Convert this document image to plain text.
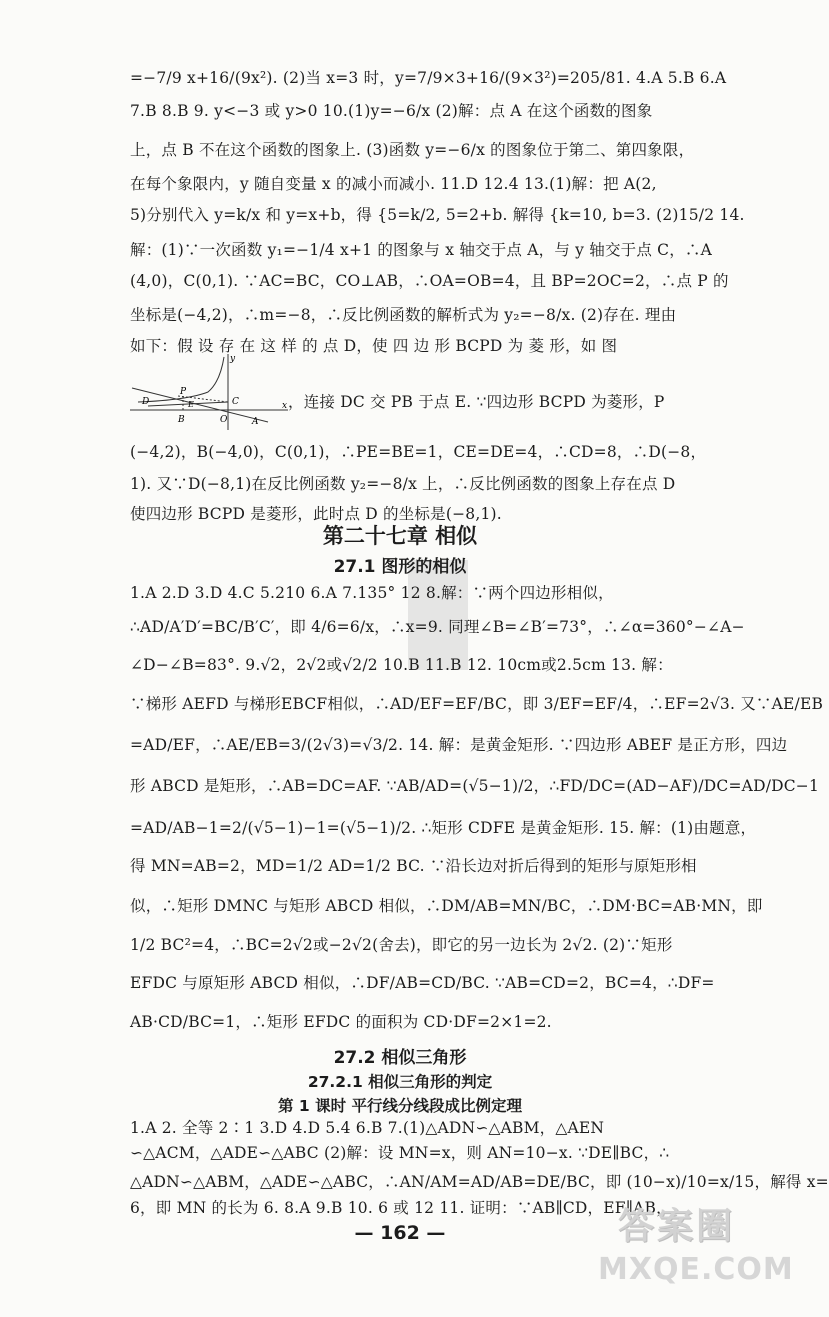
=−7/9 x+16/(9x²). (2)当 x=3 时，y=7/9×3+16/(9×3²)=205/81. 4.A 5.B 6.A
7.B 8.B 9. y<−3 或 y>0 10.(1)y=−6/x (2)解：点 A 在这个函数的图象
上，点 B 不在这个函数的图象上. (3)函数 y=−6/x 的图象位于第二、第四象限，
在每个象限内，y 随自变量 x 的减小而减小. 11.D 12.4 13.(1)解：把 A(2,
5)分别代入 y=k/x 和 y=x+b，得 {5=k/2, 5=2+b. 解得 {k=10, b=3. (2)15/2 14.
解：(1)∵一次函数 y₁=−1/4 x+1 的图象与 x 轴交于点 A，与 y 轴交于点 C，∴A
(4,0)，C(0,1). ∵AC=BC，CO⊥AB，∴OA=OB=4，且 BP=2OC=2，∴点 P 的
坐标是(−4,2)，∴m=−8，∴反比例函数的解析式为 y₂=−8/x. (2)存在. 理由
如下：假 设 存 在 这 样 的 点 D，使 四 边 形 BCPD 为 菱 形，如 图
y
x
P
D	E	C
B	O	A
，连接 DC 交 PB 于点 E. ∵四边形 BCPD 为菱形，P
(−4,2)，B(−4,0)，C(0,1)，∴PE=BE=1，CE=DE=4，∴CD=8，∴D(−8，
1). 又∵D(−8,1)在反比例函数 y₂=−8/x 上，∴反比例函数的图象上存在点 D
使四边形 BCPD 是菱形，此时点 D 的坐标是(−8,1).
第二十七章 相似
27.1 图形的相似
1.A 2.D 3.D 4.C 5.210 6.A 7.135° 12 8.解：∵两个四边形相似，
∴AD/A′D′=BC/B′C′，即 4/6=6/x，∴x=9. 同理∠B=∠B′=73°，∴∠α=360°−∠A−
∠D−∠B=83°. 9.√2，2√2或√2/2 10.B 11.B 12. 10cm或2.5cm 13. 解：
∵梯形 AEFD 与梯形EBCF相似，∴AD/EF=EF/BC，即 3/EF=EF/4，∴EF=2√3. 又∵AE/EB
=AD/EF，∴AE/EB=3/(2√3)=√3/2. 14. 解：是黄金矩形. ∵四边形 ABEF 是正方形，四边
形 ABCD 是矩形，∴AB=DC=AF. ∵AB/AD=(√5−1)/2，∴FD/DC=(AD−AF)/DC=AD/DC−1
=AD/AB−1=2/(√5−1)−1=(√5−1)/2. ∴矩形 CDFE 是黄金矩形. 15. 解：(1)由题意，
得 MN=AB=2，MD=1/2 AD=1/2 BC. ∵沿长边对折后得到的矩形与原矩形相
似，∴矩形 DMNC 与矩形 ABCD 相似，∴DM/AB=MN/BC，∴DM·BC=AB·MN，即
1/2 BC²=4，∴BC=2√2或−2√2(舍去)，即它的另一边长为 2√2. (2)∵矩形
EFDC 与原矩形 ABCD 相似，∴DF/AB=CD/BC. ∵AB=CD=2，BC=4，∴DF=
AB·CD/BC=1，∴矩形 EFDC 的面积为 CD·DF=2×1=2.
27.2 相似三角形
27.2.1 相似三角形的判定
第 1 课时 平行线分线段成比例定理
1.A 2. 全等 2∶1 3.D 4.D 5.4 6.B 7.(1)△ADN∽△ABM，△AEN
∽△ACM，△ADE∽△ABC (2)解：设 MN=x，则 AN=10−x. ∵DE∥BC，∴
△ADN∽△ABM，△ADE∽△ABC，∴AN/AM=AD/AB=DE/BC，即 (10−x)/10=x/15，解得 x=
6，即 MN 的长为 6. 8.A 9.B 10. 6 或 12 11. 证明：∵AB∥CD，EF∥AB，
— 162 —	答案圈
MXQE.COM
